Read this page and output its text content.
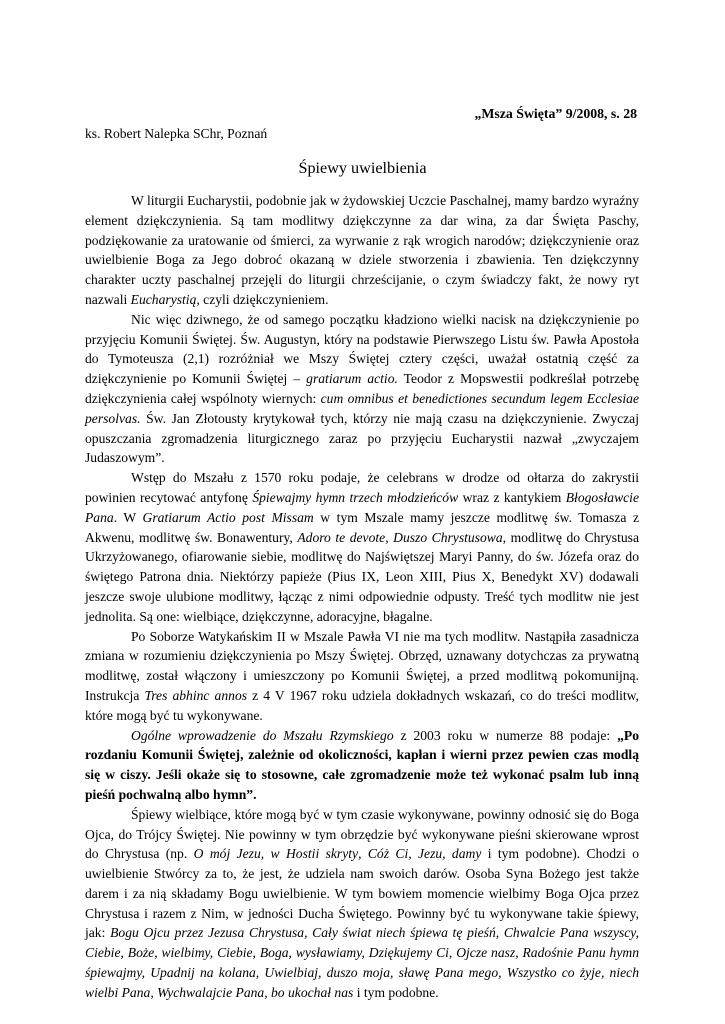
„Msza Święta” 9/2008, s. 28
ks. Robert Nalepka SChr, Poznań
Śpiewy uwielbienia

W liturgii Eucharystii, podobnie jak w żydowskiej Uczcie Paschalnej, mamy bardzo wyraźny element dziękczynienia. Są tam modlitwy dziękczynne za dar wina, za dar Święta Paschy, podziękowanie za uratowanie od śmierci, za wyrwanie z rąk wrogich narodów; dziękczynienie oraz uwielbienie Boga za Jego dobroć okazaną w dziele stworzenia i zbawienia. Ten dziękczynny charakter uczty paschalnej przejęli do liturgii chrześcijanie, o czym świadczy fakt, że nowy ryt nazwali Eucharystią, czyli dziękczynieniem.

Nic więc dziwnego, że od samego początku kładziono wielki nacisk na dziękczynienie po przyjęciu Komunii Świętej. Św. Augustyn, który na podstawie Pierwszego Listu św. Pawła Apostoła do Tymoteusza (2,1) rozróżniał we Mszy Świętej cztery części, uważał ostatnią część za dziękczynienie po Komunii Świętej – gratiarum actio. Teodor z Mopswestii podkreślał potrzebę dziękczynienia całej wspólnoty wiernych: cum omnibus et benedictiones secundum legem Ecclesiae persolvas. Św. Jan Złotousty krytykował tych, którzy nie mają czasu na dziękczynienie. Zwyczaj opuszczania zgromadzenia liturgicznego zaraz po przyjęciu Eucharystii nazwał „zwyczajem Judaszowym”.

Wstęp do Mszału z 1570 roku podaje, że celebrans w drodze od ołtarza do zakrystii powinien recytować antyfonę Śpiewajmy hymn trzech młodzieńców wraz z kantykiem Błogosławcie Pana. W Gratiarum Actio post Missam w tym Mszale mamy jeszcze modlitwę św. Tomasza z Akwenu, modlitwę św. Bonawentury, Adoro te devote, Duszo Chrystusowa, modlitwę do Chrystusa Ukrzyżowanego, ofiarowanie siebie, modlitwę do Najświętszej Maryi Panny, do św. Józefa oraz do świętego Patrona dnia. Niektórzy papieże (Pius IX, Leon XIII, Pius X, Benedykt XV) dodawali jeszcze swoje ulubione modlitwy, łącząc z nimi odpowiednie odpusty. Treść tych modlitw nie jest jednolita. Są one: wielbiące, dziękczynne, adoracyjne, błagalne.

Po Soborze Watykańskim II w Mszale Pawła VI nie ma tych modlitw. Nastąpiła zasadnicza zmiana w rozumieniu dziękczynienia po Mszy Świętej. Obrzęd, uznawany dotychczas za prywatną modlitwę, został włączony i umieszczony po Komunii Świętej, a przed modlitwą pokomunijną. Instrukcja Tres abhinc annos z 4 V 1967 roku udziela dokładnych wskazań, co do treści modlitw, które mogą być tu wykonywane.

Ogólne wprowadzenie do Mszału Rzymskiego z 2003 roku w numerze 88 podaje: „Po rozdaniu Komunii Świętej, zależnie od okoliczności, kapłan i wierni przez pewien czas modlą się w ciszy. Jeśli okaże się to stosowne, całe zgromadzenie może też wykonać psalm lub inną pieśń pochwalną albo hymn”.

Śpiewy wielbiące, które mogą być w tym czasie wykonywane, powinny odnosić się do Boga Ojca, do Trójcy Świętej. Nie powinny w tym obrzędzie być wykonywane pieśni skierowane wprost do Chrystusa (np. O mój Jezu, w Hostii skryty, Cóż Ci, Jezu, damy i tym podobne). Chodzi o uwielbienie Stwórcy za to, że jest, że udziela nam swoich darów. Osoba Syna Bożego jest także darem i za nią składamy Bogu uwielbienie. W tym bowiem momencie wielbimy Boga Ojca przez Chrystusa i razem z Nim, w jedności Ducha Świętego. Powinny być tu wykonywane takie śpiewy, jak: Bogu Ojcu przez Jezusa Chrystusa, Cały świat niech śpiewa tę pieśń, Chwalcie Pana wszyscy, Ciebie, Boże, wielbimy, Ciebie, Boga, wysławiamy, Dziękujemy Ci, Ojcze nasz, Radośnie Panu hymn śpiewajmy, Upadnij na kolana, Uwielbiaj, duszo moja, sławę Pana mego, Wszystko co żyje, niech wielbi Pana, Wychwalajcie Pana, bo ukochał nas i tym podobne.
